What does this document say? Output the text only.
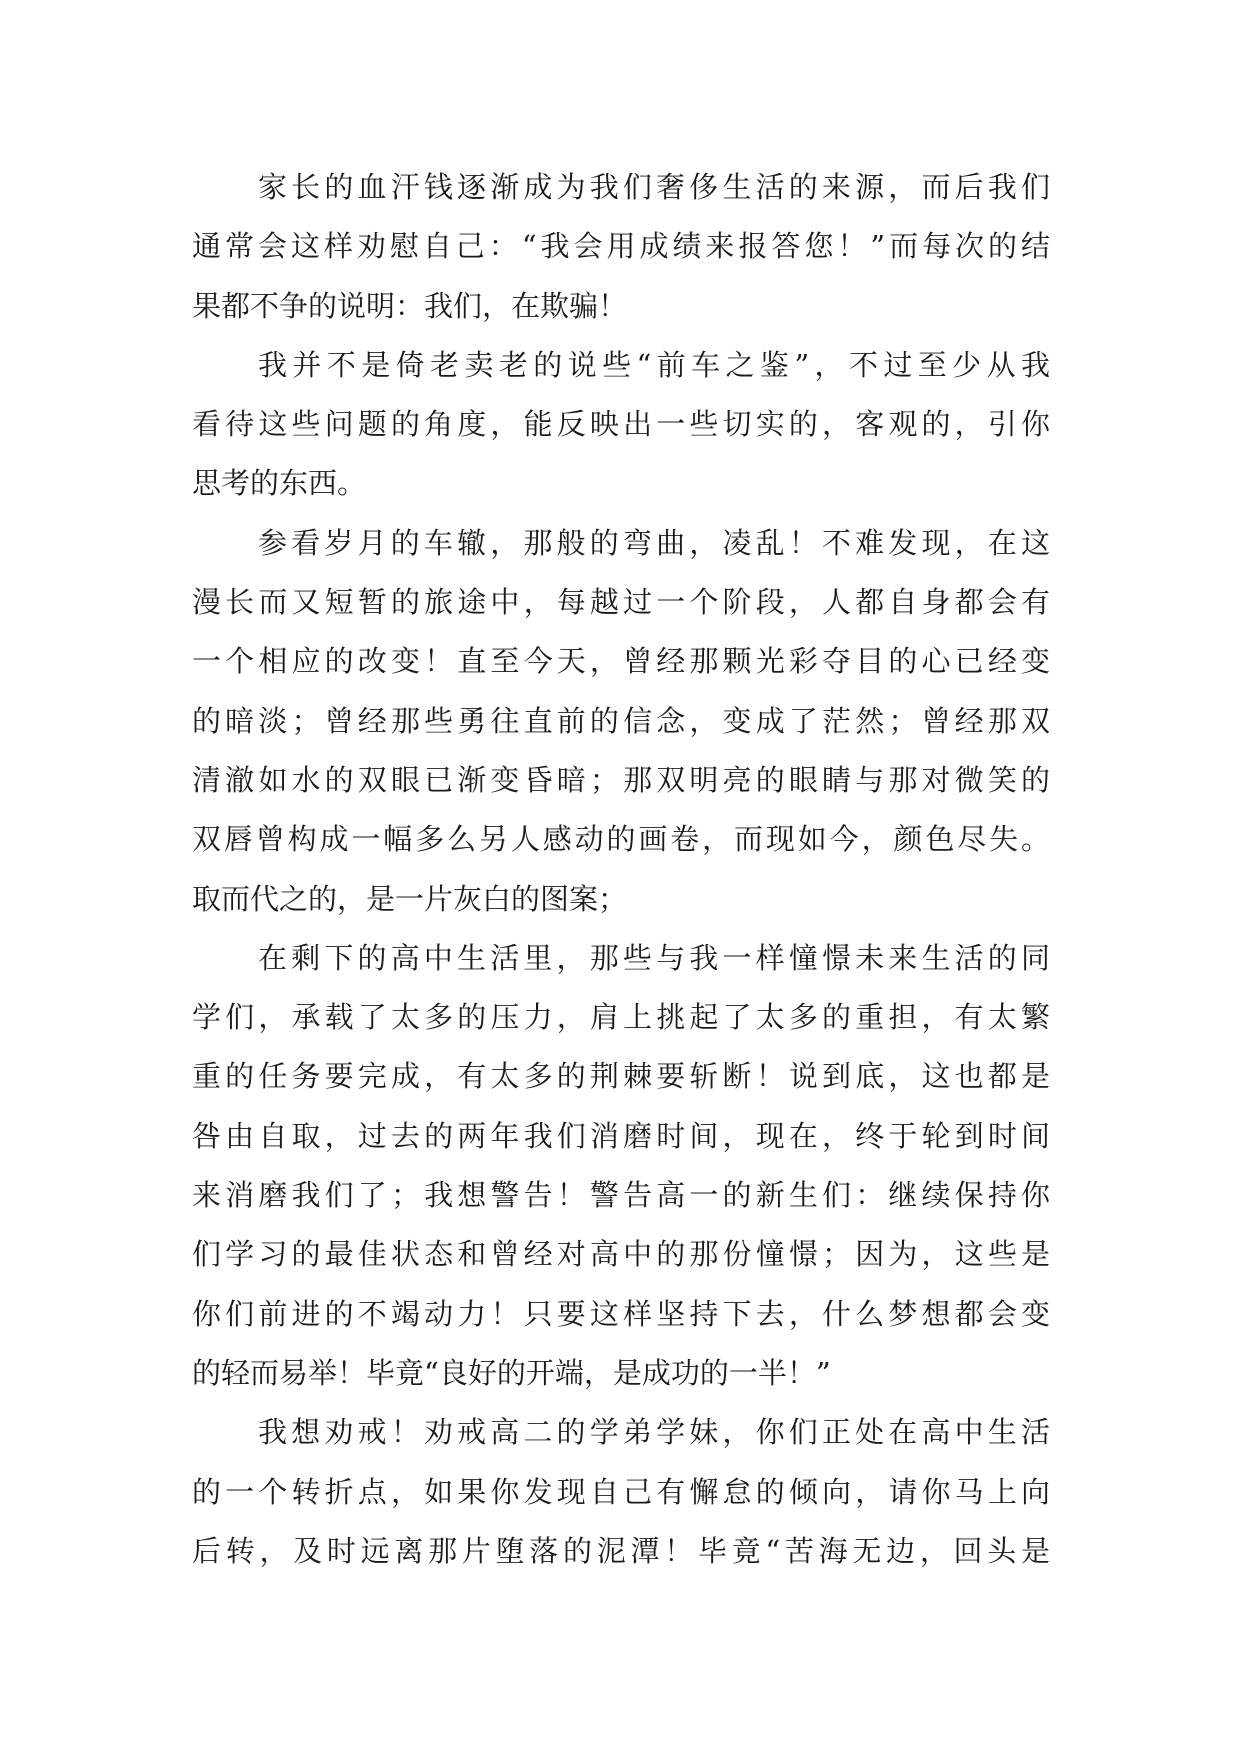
家长的血汗钱逐渐成为我们奢侈生活的来源，而后我们
通常会这样劝慰自己：“我会用成绩来报答您！”而每次的结
果都不争的说明：我们，在欺骗！
我并不是倚老卖老的说些“前车之鉴”，不过至少从我
看待这些问题的角度，能反映出一些切实的，客观的，引你
思考的东西。
参看岁月的车辙，那般的弯曲，凌乱！不难发现，在这
漫长而又短暂的旅途中，每越过一个阶段，人都自身都会有
一个相应的改变！直至今天，曾经那颗光彩夺目的心已经变
的暗淡；曾经那些勇往直前的信念，变成了茫然；曾经那双
清澈如水的双眼已渐变昏暗；那双明亮的眼睛与那对微笑的
双唇曾构成一幅多么另人感动的画卷，而现如今，颜色尽失。
取而代之的，是一片灰白的图案；
在剩下的高中生活里，那些与我一样憧憬未来生活的同
学们，承载了太多的压力，肩上挑起了太多的重担，有太繁
重的任务要完成，有太多的荆棘要斩断！说到底，这也都是
咎由自取，过去的两年我们消磨时间，现在，终于轮到时间
来消磨我们了；我想警告！警告高一的新生们：继续保持你
们学习的最佳状态和曾经对高中的那份憧憬；因为，这些是
你们前进的不竭动力！只要这样坚持下去，什么梦想都会变
的轻而易举！毕竟“良好的开端，是成功的一半！”
我想劝戒！劝戒高二的学弟学妹，你们正处在高中生活
的一个转折点，如果你发现自己有懈怠的倾向，请你马上向
后转，及时远离那片堕落的泥潭！毕竟“苦海无边，回头是
